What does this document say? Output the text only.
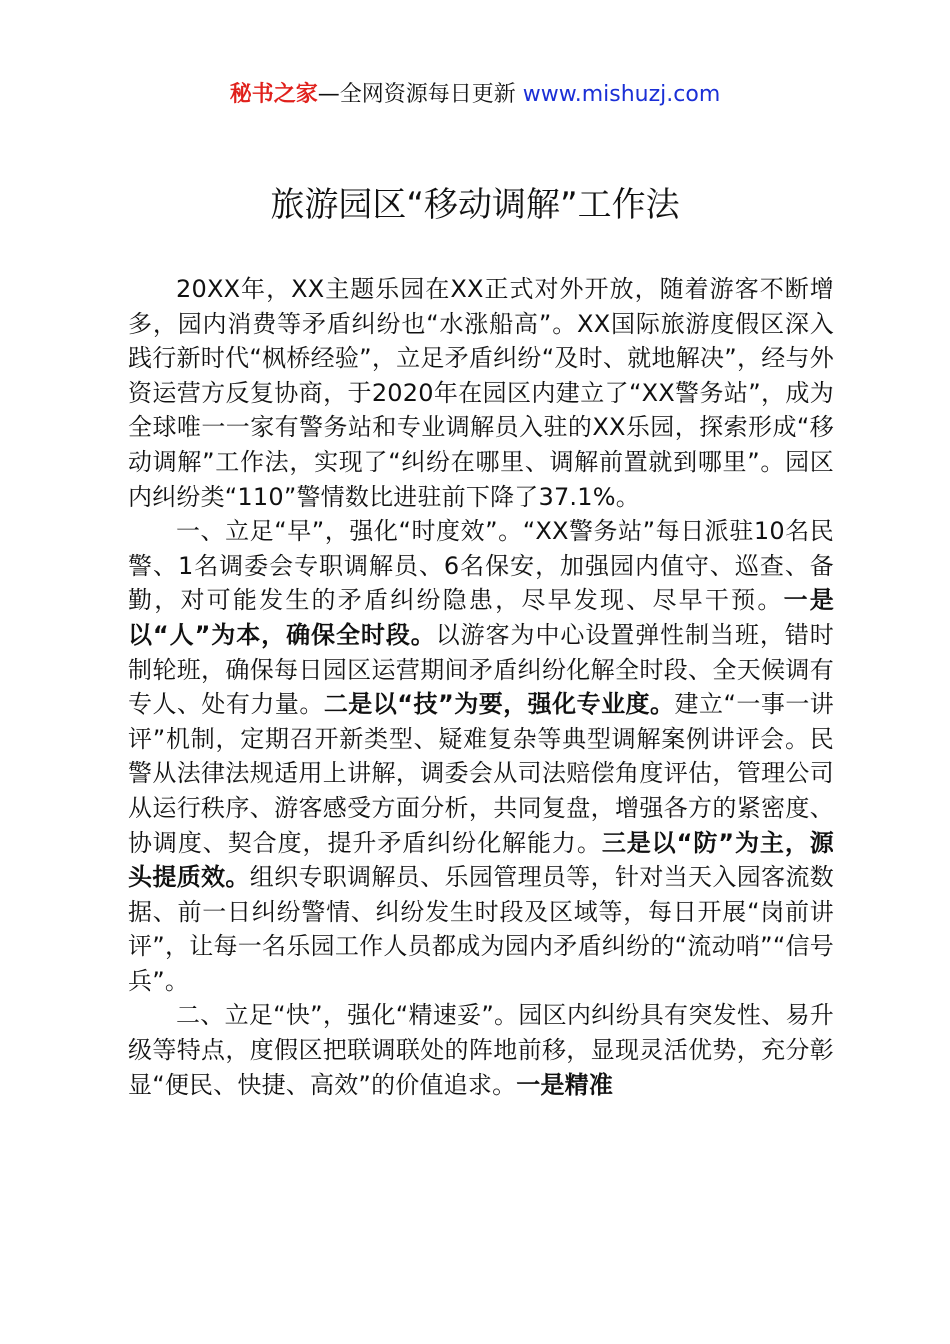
秘书之家—全网资源每日更新 www.mishuzj.com
旅游园区“移动调解”工作法

20XX年，XX主题乐园在XX正式对外开放，随着游客不断增多，园内消费等矛盾纠纷也“水涨船高”。XX国际旅游度假区深入践行新时代“枫桥经验”，立足矛盾纠纷“及时、就地解决”，经与外资运营方反复协商，于2020年在园区内建立了“XX警务站”，成为全球唯一一家有警务站和专业调解员入驻的XX乐园，探索形成“移动调解”工作法，实现了“纠纷在哪里、调解前置就到哪里”。园区内纠纷类“110”警情数比进驻前下降了37.1%。

一、立足“早”，强化“时度效”。“XX警务站”每日派驻10名民警、1名调委会专职调解员、6名保安，加强园内值守、巡查、备勤，对可能发生的矛盾纠纷隐患，尽早发现、尽早干预。一是以“人”为本，确保全时段。以游客为中心设置弹性制当班，错时制轮班，确保每日园区运营期间矛盾纠纷化解全时段、全天候调有专人、处有力量。二是以“技”为要，强化专业度。建立“一事一讲评”机制，定期召开新类型、疑难复杂等典型调解案例讲评会。民警从法律法规适用上讲解，调委会从司法赔偿角度评估，管理公司从运行秩序、游客感受方面分析，共同复盘，增强各方的紧密度、协调度、契合度，提升矛盾纠纷化解能力。三是以“防”为主，源头提质效。组织专职调解员、乐园管理员等，针对当天入园客流数据、前一日纠纷警情、纠纷发生时段及区域等，每日开展“岗前讲评”，让每一名乐园工作人员都成为园内矛盾纠纷的“流动哨”“信号兵”。

二、立足“快”，强化“精速妥”。园区内纠纷具有突发性、易升级等特点，度假区把联调联处的阵地前移，显现灵活优势，充分彰显“便民、快捷、高效”的价值追求。一是精准
